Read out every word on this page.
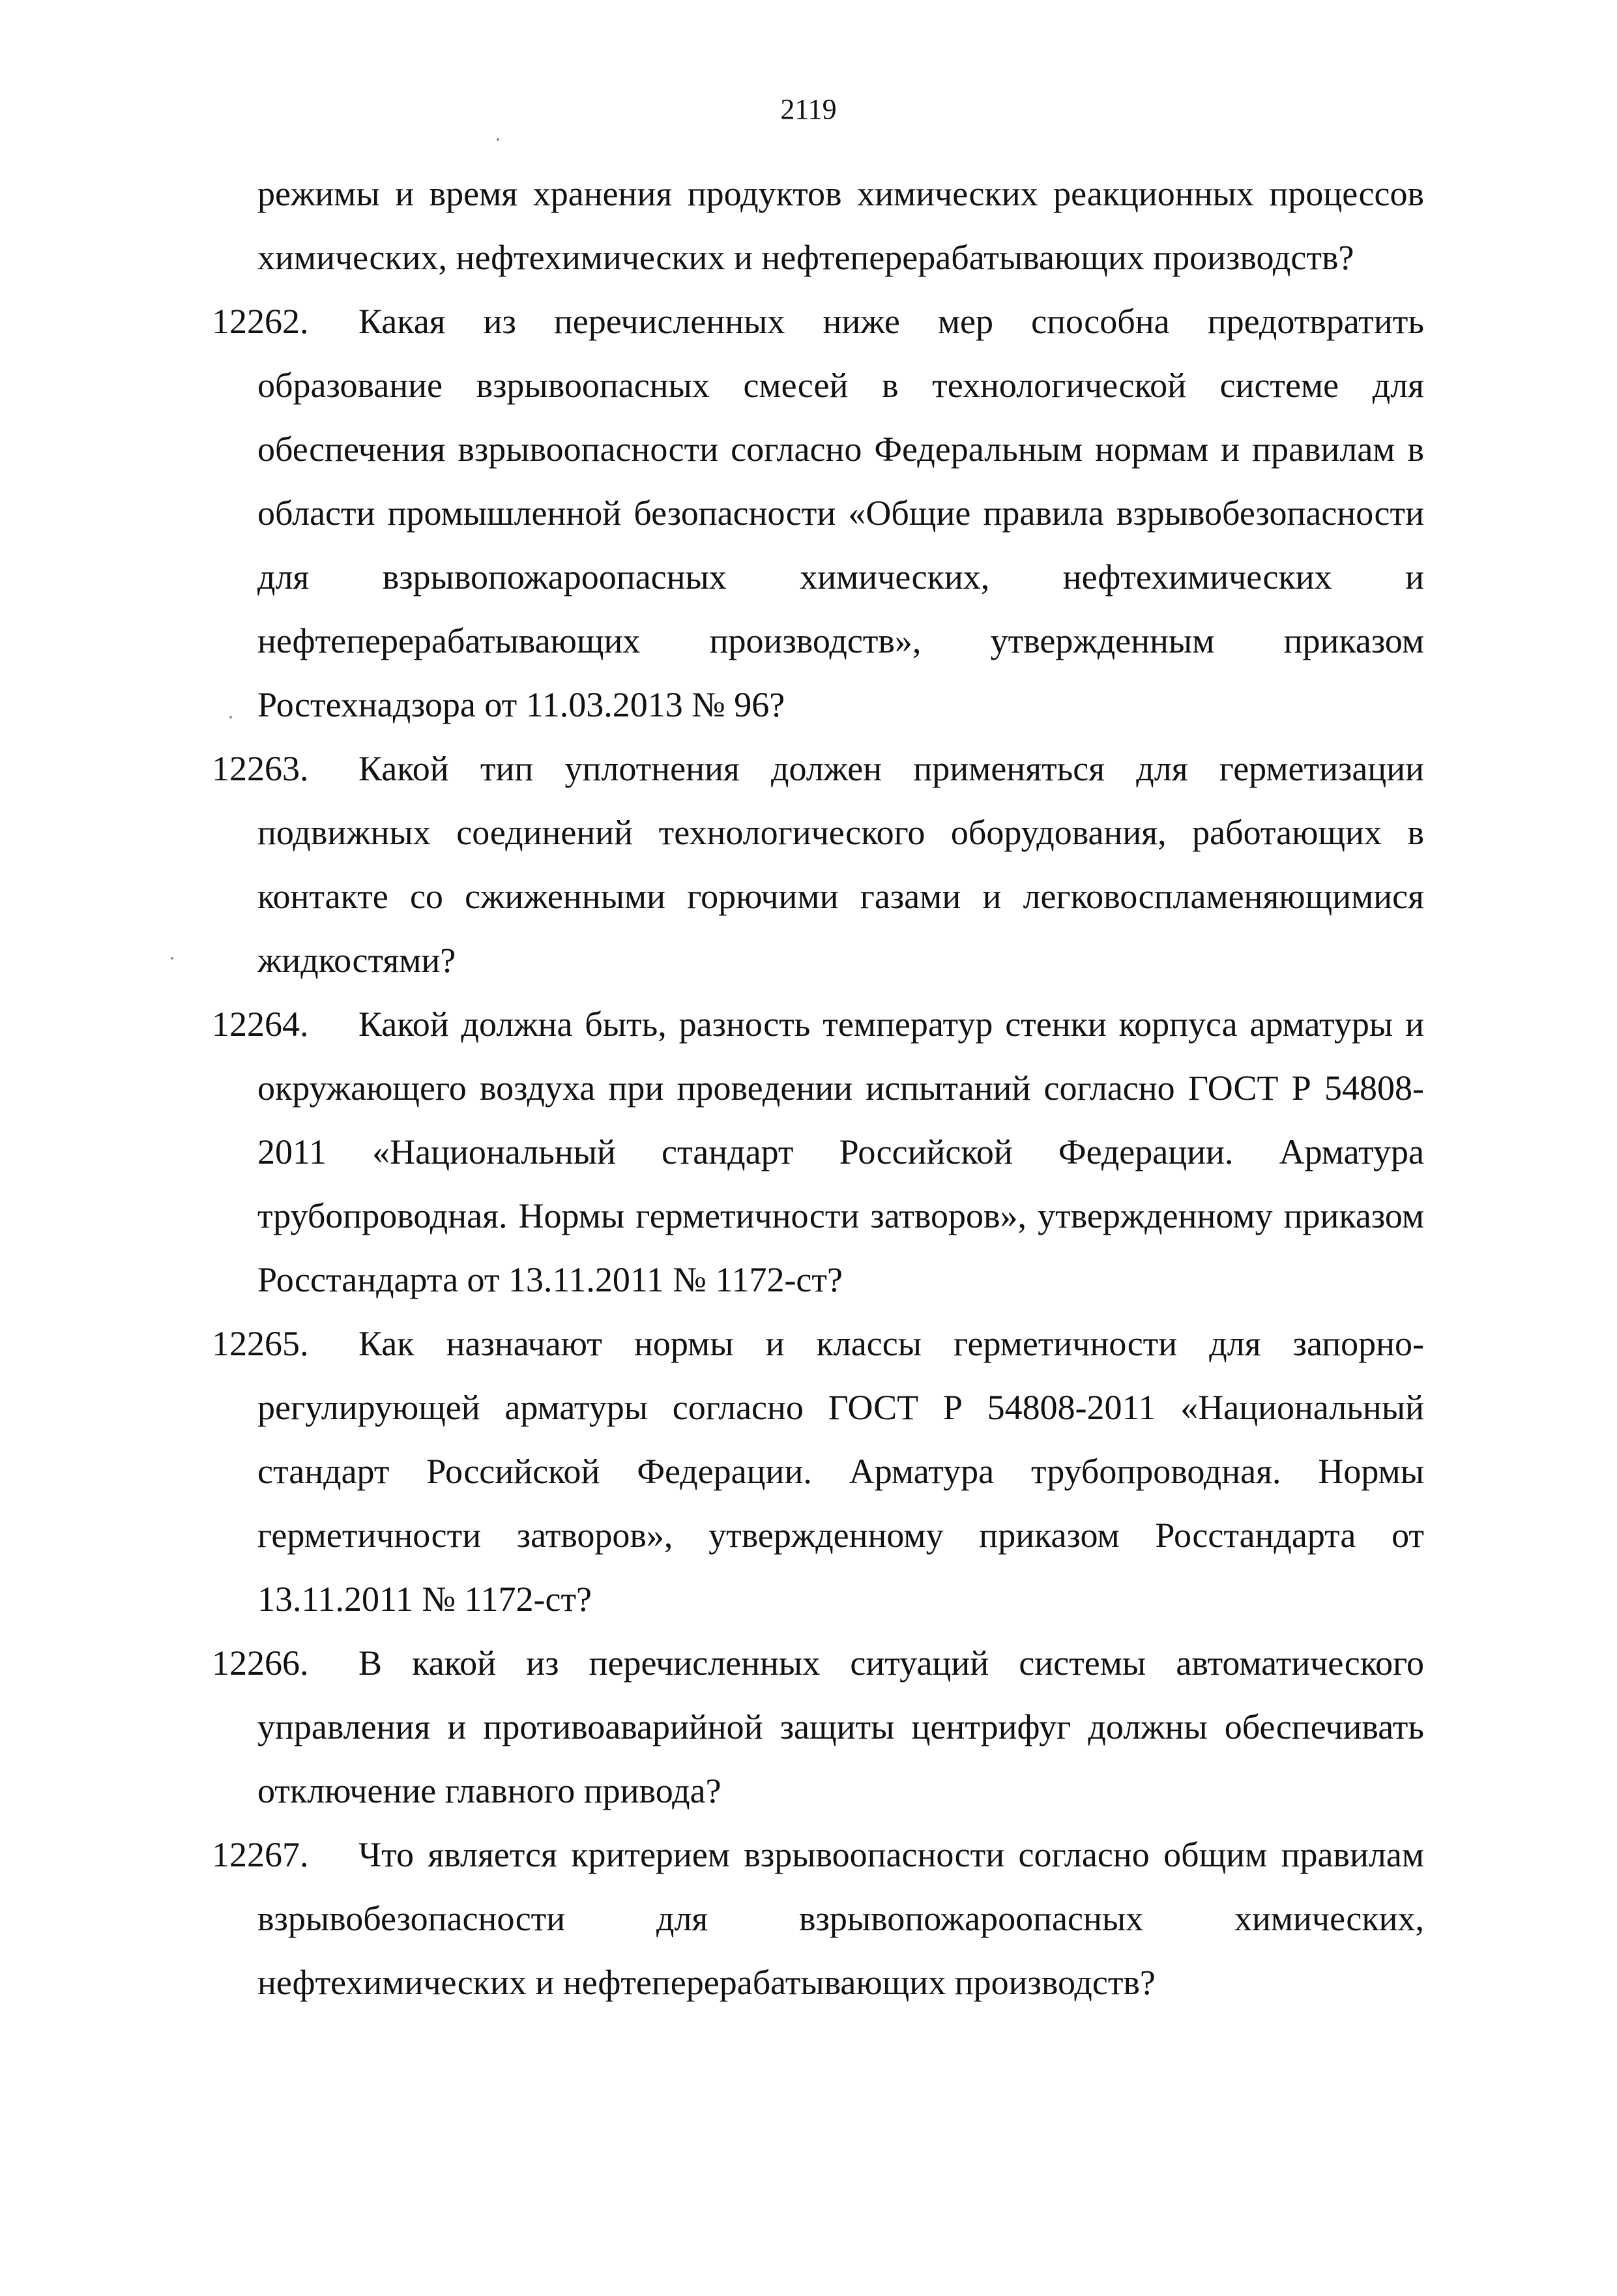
2119
режимы и время хранения продуктов химических реакционных процессов химических, нефтехимических и нефтеперерабатывающих производств?
12262.	Какая из перечисленных ниже мер способна предотвратить образование взрывоопасных смесей в технологической системе для обеспечения взрывоопасности согласно Федеральным нормам и правилам в области промышленной безопасности «Общие правила взрывобезопасности для взрывопожароопасных химических, нефтехимических и нефтеперерабатывающих производств», утвержденным приказом Ростехнадзора от 11.03.2013 № 96?
12263.	Какой тип уплотнения должен применяться для герметизации подвижных соединений технологического оборудования, работающих в контакте со сжиженными горючими газами и легковоспламеняющимися жидкостями?
12264.	Какой должна быть, разность температур стенки корпуса арматуры и окружающего воздуха при проведении испытаний согласно ГОСТ Р 54808-2011 «Национальный стандарт Российской Федерации. Арматура трубопроводная. Нормы герметичности затворов», утвержденному приказом Росстандарта от 13.11.2011 № 1172-ст?
12265.	Как назначают нормы и классы герметичности для запорно-регулирующей арматуры согласно ГОСТ Р 54808-2011 «Национальный стандарт Российской Федерации. Арматура трубопроводная. Нормы герметичности затворов», утвержденному приказом Росстандарта от 13.11.2011 № 1172-ст?
12266.	В какой из перечисленных ситуаций системы автоматического управления и противоаварийной защиты центрифуг должны обеспечивать отключение главного привода?
12267.	Что является критерием взрывоопасности согласно общим правилам взрывобезопасности для взрывопожароопасных химических, нефтехимических и нефтеперерабатывающих производств?
